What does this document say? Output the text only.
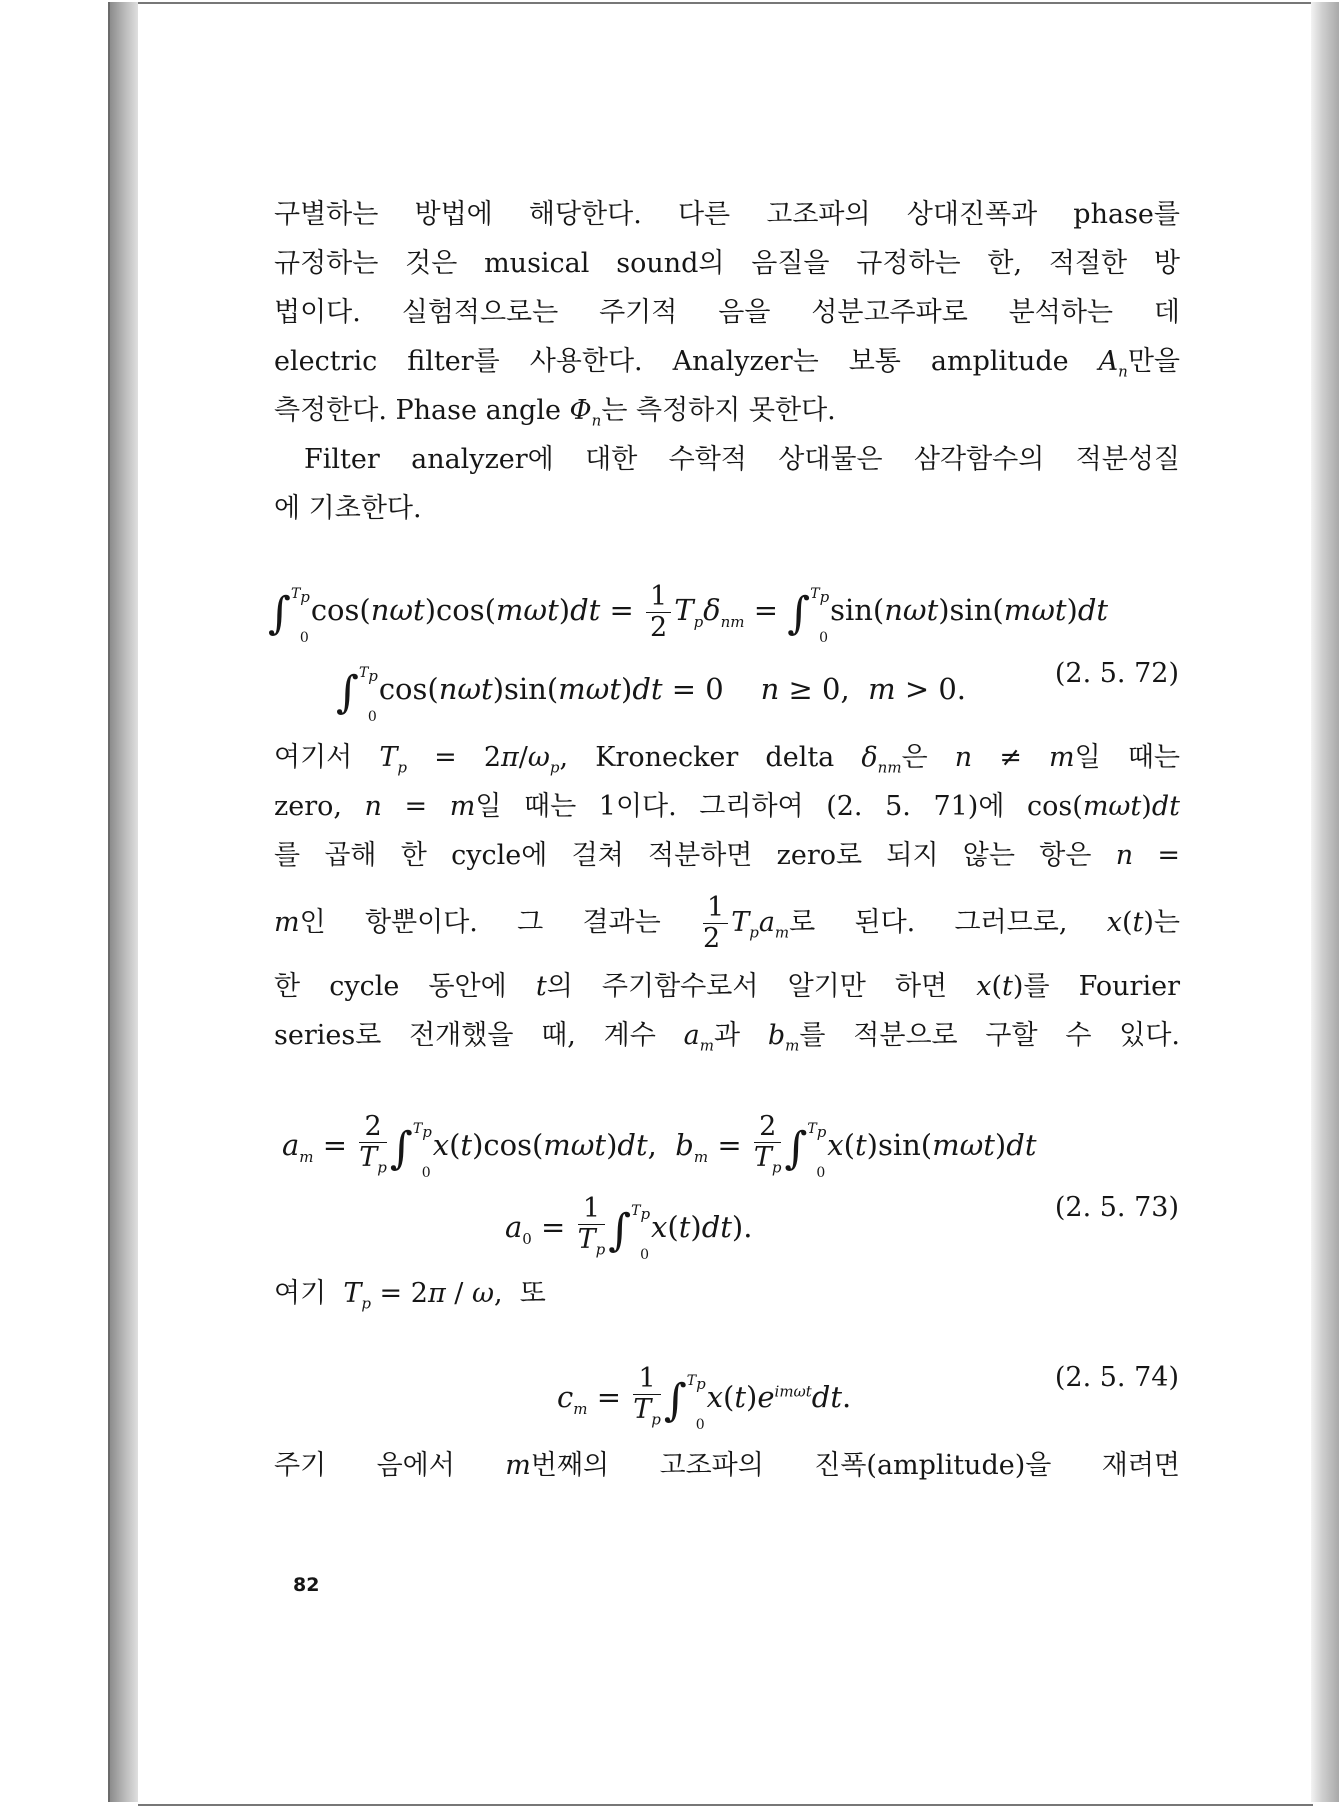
구별하는 방법에 해당한다. 다른 고조파의 상대진폭과 phase를
규정하는 것은 musical sound의 음질을 규정하는 한, 적절한 방
법이다. 실험적으로는 주기적 음을 성분고주파로 분석하는 데
electric filter를 사용한다. Analyzer는 보통 amplitude $A_n$만을
측정한다. Phase angle $\Phi_n$는 측정하지 못한다.
Filter analyzer에 대한 수학적 상대물은 삼각함수의 적분성질
에 기초한다.
$\int^{T_p}_0\cos(n\omega t)\cos(m\omega t)dt = \frac{1}{2} T_p\delta_{nm} = \int^{T_p}_0\sin(n\omega t)\sin(m\omega t)dt$
∫$^{T_p}_0$cos(nωt)sin(mωt)dt = 0    n ≥ 0,  m > 0.	(2. 5. 72)
여기서 $T_p = 2\pi/\omega_p$, Kronecker delta $\delta_{nm}$은 n ≠ m일 때는
zero, n = m일 때는 1이다. 그리하여 (2. 5. 71)에 cos(mωt)dt
를 곱해 한 cycle에 걸쳐 적분하면 zero로 되지 않는 항은 n =
m인 항뿐이다. 그 결과는 $\frac{1}{2} T_pa_m$로 된다. 그러므로, x(t)는
한 cycle 동안에 t의 주기함수로서 알기만 하면 x(t)를 Fourier
series로 전개했을 때, 계수 $a_m$과 $b_m$를 적분으로 구할 수 있다.
$a_m = \frac{2}{T_p} \int^{T_p}_0x(t)\cos(m\omega t)dt$,  $b_m = \frac{2}{T_p} \int^{T_p}_0x(t)\sin(m\omega t)dt$
$a_0 = \frac{1}{T_p} \int^{T_p}_0x(t)dt$).
(2. 5. 73)
여기 $T_p = 2\pi / \omega$,  또
$c_m = \frac{1}{T_p} \int^{T_p}_0x(t)e^{im\omega t}dt$.
(2. 5. 74)
주기 음에서 m번째의 고조파의 진폭(amplitude)을 재려면
82
